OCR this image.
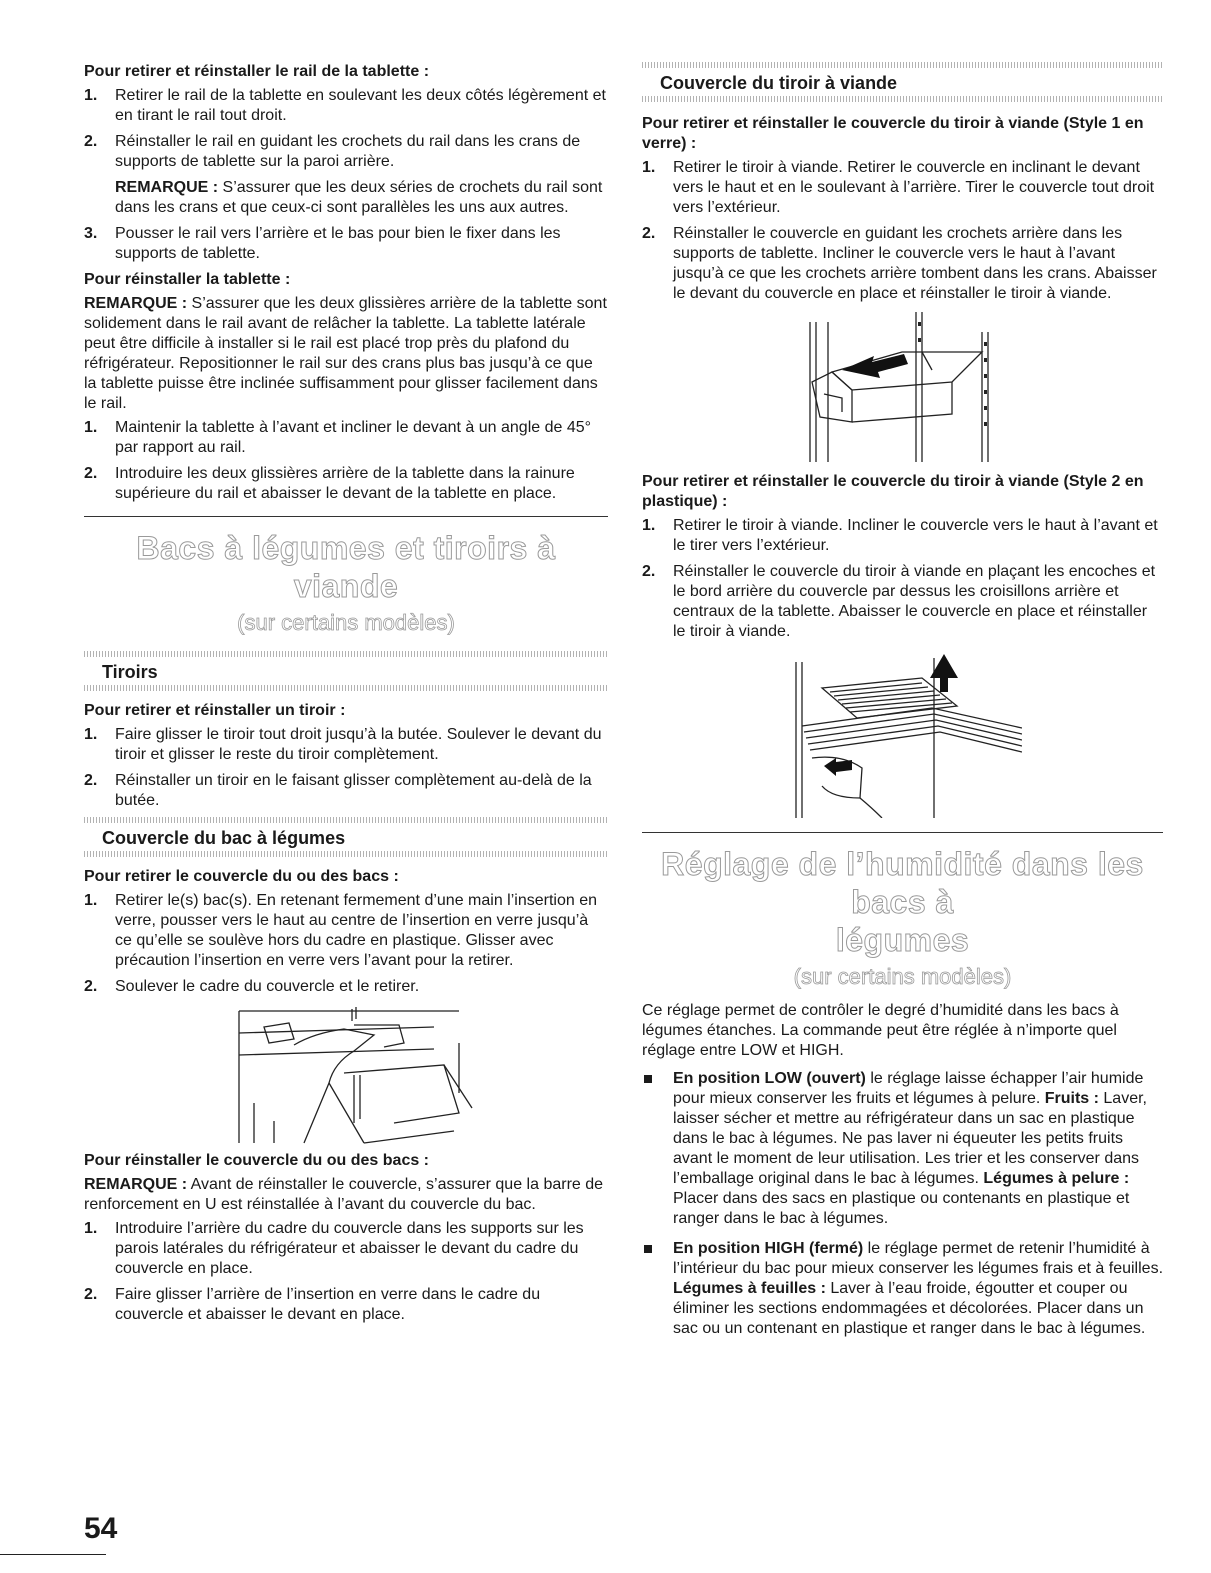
Pour retirer et réinstaller le rail de la tablette :
1. Retirer le rail de la tablette en soulevant les deux côtés légèrement et en tirant le rail tout droit.
2. Réinstaller le rail en guidant les crochets du rail dans les crans de supports de tablette sur la paroi arrière.
REMARQUE : S’assurer que les deux séries de crochets du rail sont dans les crans et que ceux-ci sont parallèles les uns aux autres.
3. Pousser le rail vers l’arrière et le bas pour bien le fixer dans les supports de tablette.
Pour réinstaller la tablette :

REMARQUE : S’assurer que les deux glissières arrière de la tablette sont solidement dans le rail avant de relâcher la tablette. La tablette latérale peut être difficile à installer si le rail est placé trop près du plafond du réfrigérateur. Repositionner le rail sur des crans plus bas jusqu’à ce que la tablette puisse être inclinée suffisamment pour glisser facilement dans le rail.

1. Maintenir la tablette à l’avant et incliner le devant à un angle de 45° par rapport au rail.
2. Introduire les deux glissières arrière de la tablette dans la rainure supérieure du rail et abaisser le devant de la tablette en place.
Bacs à légumes et tiroirs à viande
(sur certains modèles)
Tiroirs
Pour retirer et réinstaller un tiroir :
1. Faire glisser le tiroir tout droit jusqu’à la butée. Soulever le devant du tiroir et glisser le reste du tiroir complètement.
2. Réinstaller un tiroir en le faisant glisser complètement au-delà de la butée.
Couvercle du bac à légumes
Pour retirer le couvercle du ou des bacs :
1. Retirer le(s) bac(s). En retenant fermement d’une main l’insertion en verre, pousser vers le haut au centre de l’insertion en verre jusqu’à ce qu’elle se soulève hors du cadre en plastique. Glisser avec précaution l’insertion en verre vers l’avant pour la retirer.
2. Soulever le cadre du couvercle et le retirer.
Pour réinstaller le couvercle du ou des bacs :

REMARQUE : Avant de réinstaller le couvercle, s’assurer que la barre de renforcement en U est réinstallée à l’avant du couvercle du bac.

1. Introduire l’arrière du cadre du couvercle dans les supports sur les parois latérales du réfrigérateur et abaisser le devant du cadre du couvercle en place.
2. Faire glisser l’arrière de l’insertion en verre dans le cadre du couvercle et abaisser le devant en place.
Couvercle du tiroir à viande
Pour retirer et réinstaller le couvercle du tiroir à viande (Style 1 en verre) :
1. Retirer le tiroir à viande. Retirer le couvercle en inclinant le devant vers le haut et en le soulevant à l’arrière. Tirer le couvercle tout droit vers l’extérieur.
2. Réinstaller le couvercle en guidant les crochets arrière dans les supports de tablette. Incliner le couvercle vers le haut à l’avant jusqu’à ce que les crochets arrière tombent dans les crans. Abaisser le devant du couvercle en place et réinstaller le tiroir à viande.
Pour retirer et réinstaller le couvercle du tiroir à viande (Style 2 en plastique) :
1. Retirer le tiroir à viande. Incliner le couvercle vers le haut à l’avant et le tirer vers l’extérieur.
2. Réinstaller le couvercle du tiroir à viande en plaçant les encoches et le bord arrière du couvercle par dessus les croisillons arrière et centraux de la tablette. Abaisser le couvercle en place et réinstaller le tiroir à viande.
Réglage de l’humidité dans les bacs à
légumes
(sur certains modèles)

Ce réglage permet de contrôler le degré d’humidité dans les bacs à légumes étanches. La commande peut être réglée à n’importe quel réglage entre LOW et HIGH.

En position LOW (ouvert) le réglage laisse échapper l’air humide pour mieux conserver les fruits et légumes à pelure. Fruits : Laver, laisser sécher et mettre au réfrigérateur dans un sac en plastique dans le bac à légumes. Ne pas laver ni équeuter les petits fruits avant le moment de leur utilisation. Les trier et les conserver dans l’emballage original dans le bac à légumes. Légumes à pelure : Placer dans des sacs en plastique ou contenants en plastique et ranger dans le bac à légumes.
En position HIGH (fermé) le réglage permet de retenir l’humidité à l’intérieur du bac pour mieux conserver les légumes frais et à feuilles. Légumes à feuilles : Laver à l’eau froide, égoutter et couper ou éliminer les sections endommagées et décolorées. Placer dans un sac ou un contenant en plastique et ranger dans le bac à légumes.
54
